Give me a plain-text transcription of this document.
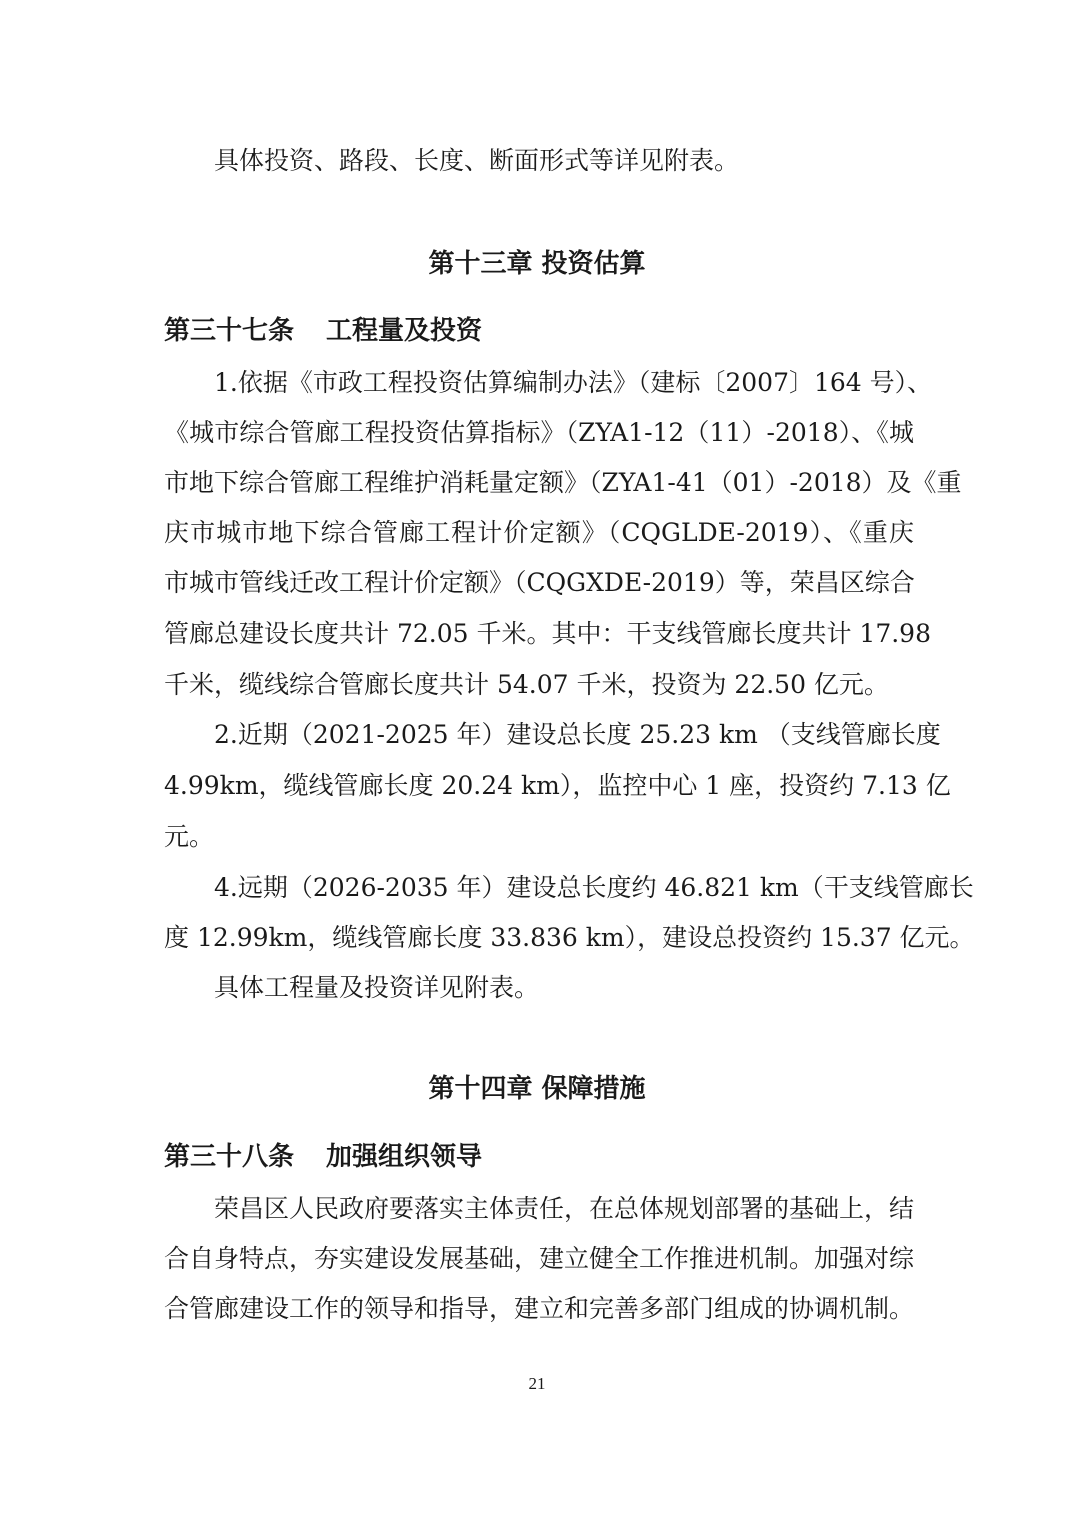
具体投资、路段、长度、断面形式等详见附表。
第十三章 投资估算
第三十七条 工程量及投资
1.依据《市政工程投资估算编制办法》（建标〔2007〕164 号）、
《城市综合管廊工程投资估算指标》（ZYA1-12（11）-2018）、《城
市地下综合管廊工程维护消耗量定额》（ZYA1-41（01）-2018）及《重
庆市城市地下综合管廊工程计价定额》（CQGLDE-2019）、《重庆
市城市管线迁改工程计价定额》（CQGXDE-2019）等，荣昌区综合
管廊总建设长度共计 72.05 千米。其中：干支线管廊长度共计 17.98
千米，缆线综合管廊长度共计 54.07 千米，投资为 22.50 亿元。
2.近期（2021-2025 年）建设总长度 25.23 km （支线管廊长度
4.99km，缆线管廊长度 20.24 km），监控中心 1 座，投资约 7.13 亿
元。
4.远期（2026-2035 年）建设总长度约 46.821 km（干支线管廊长
度 12.99km，缆线管廊长度 33.836 km），建设总投资约 15.37 亿元。
具体工程量及投资详见附表。
第十四章 保障措施
第三十八条 加强组织领导
荣昌区人民政府要落实主体责任，在总体规划部署的基础上，结
合自身特点，夯实建设发展基础，建立健全工作推进机制。加强对综
合管廊建设工作的领导和指导，建立和完善多部门组成的协调机制。
21
